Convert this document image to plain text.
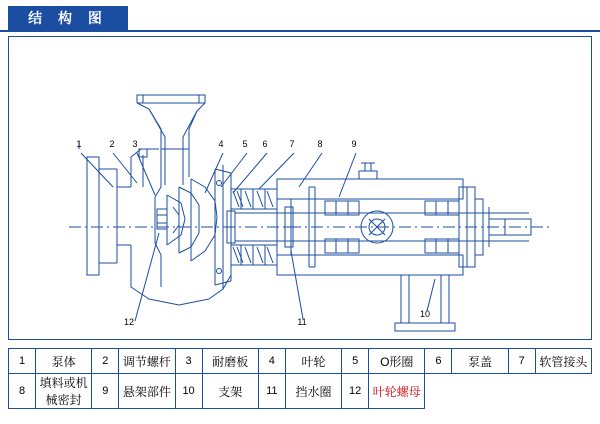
结 构 图
1	2 3	4 5 6 7	8	9
10
11
12
1	泵体	2	调节螺杆	3	耐磨板	4	叶轮	5	O形圈	6	泵盖	7	软管接头
8	填料或机械密封	9	悬架部件	10	支架	11	挡水圈	12	叶轮螺母				
